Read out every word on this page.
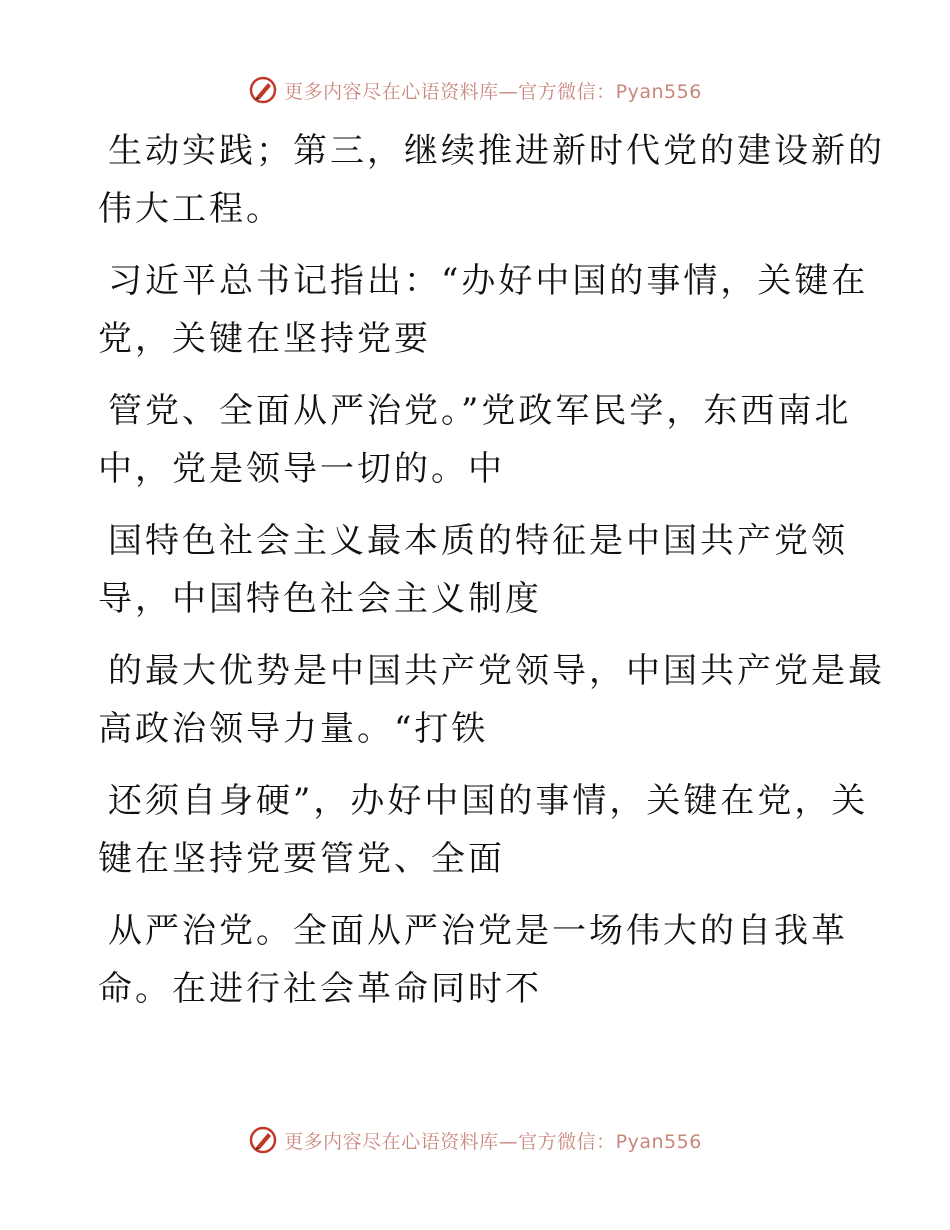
更多内容尽在心语资料库—官方微信：Pyan556
生动实践；第三，继续推进新时代党的建设新的
伟大工程。
习近平总书记指出：“办好中国的事情，关键在
党，关键在坚持党要
管党、全面从严治党。”党政军民学，东西南北
中，党是领导一切的。中
国特色社会主义最本质的特征是中国共产党领
导，中国特色社会主义制度
的最大优势是中国共产党领导，中国共产党是最
高政治领导力量。“打铁
还须自身硬”，办好中国的事情，关键在党，关
键在坚持党要管党、全面
从严治党。全面从严治党是一场伟大的自我革
命。在进行社会革命同时不
更多内容尽在心语资料库—官方微信：Pyan556
